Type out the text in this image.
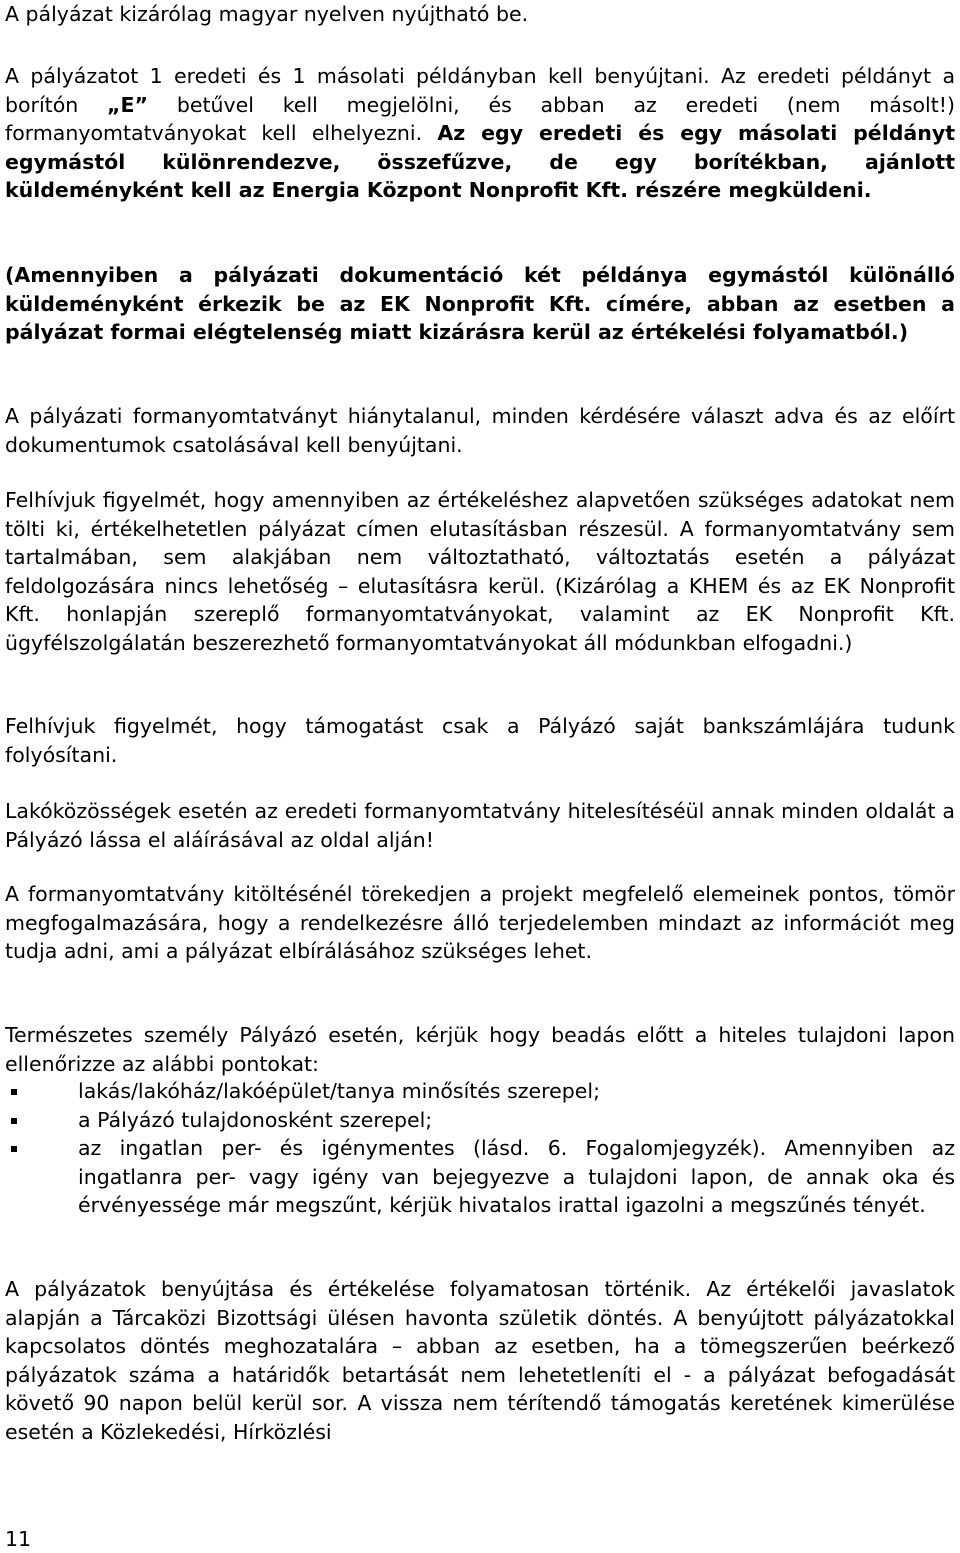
A pályázat kizárólag magyar nyelven nyújtható be.

A pályázatot 1 eredeti és 1 másolati példányban kell benyújtani. Az eredeti példányt a borítón „E” betűvel kell megjelölni, és abban az eredeti (nem másolt!) formanyomtatványokat kell elhelyezni. Az egy eredeti és egy másolati példányt egymástól különrendezve, összefűzve, de egy borítékban, ajánlott küldeményként kell az Energia Központ Nonprofit Kft. részére megküldeni.

(Amennyiben a pályázati dokumentáció két példánya egymástól különálló küldeményként érkezik be az EK Nonprofit Kft. címére, abban az esetben a pályázat formai elégtelenség miatt kizárásra kerül az értékelési folyamatból.)

A pályázati formanyomtatványt hiánytalanul, minden kérdésére választ adva és az előírt dokumentumok csatolásával kell benyújtani.

Felhívjuk figyelmét, hogy amennyiben az értékeléshez alapvetően szükséges adatokat nem tölti ki, értékelhetetlen pályázat címen elutasításban részesül. A formanyomtatvány sem tartalmában, sem alakjában nem változtatható, változtatás esetén a pályázat feldolgozására nincs lehetőség – elutasításra kerül. (Kizárólag a KHEM és az EK Nonprofit Kft. honlapján szereplő formanyomtatványokat, valamint az EK Nonprofit Kft. ügyfélszolgálatán beszerezhető formanyomtatványokat áll módunkban elfogadni.)

Felhívjuk figyelmét, hogy támogatást csak a Pályázó saját bankszámlájára tudunk folyósítani.

Lakóközösségek esetén az eredeti formanyomtatvány hitelesítéséül annak minden oldalát a Pályázó lássa el aláírásával az oldal alján!

A formanyomtatvány kitöltésénél törekedjen a projekt megfelelő elemeinek pontos, tömör megfogalmazására, hogy a rendelkezésre álló terjedelemben mindazt az információt meg tudja adni, ami a pályázat elbírálásához szükséges lehet.

Természetes személy Pályázó esetén, kérjük hogy beadás előtt a hiteles tulajdoni lapon ellenőrizze az alábbi pontokat:

lakás/lakóház/lakóépület/tanya minősítés szerepel;
a Pályázó tulajdonosként szerepel;
az ingatlan per- és igénymentes (lásd. 6. Fogalomjegyzék). Amennyiben az ingatlanra per- vagy igény van bejegyezve a tulajdoni lapon, de annak oka és érvényessége már megszűnt, kérjük hivatalos irattal igazolni a megszűnés tényét.

A pályázatok benyújtása és értékelése folyamatosan történik. Az értékelői javaslatok alapján a Tárcaközi Bizottsági ülésen havonta születik döntés. A benyújtott pályázatokkal kapcsolatos döntés meghozatalára – abban az esetben, ha a tömegszerűen beérkező pályázatok száma a határidők betartását nem lehetetleníti el - a pályázat befogadását követő 90 napon belül kerül sor. A vissza nem térítendő támogatás keretének kimerülése esetén a Közlekedési, Hírközlési

11
